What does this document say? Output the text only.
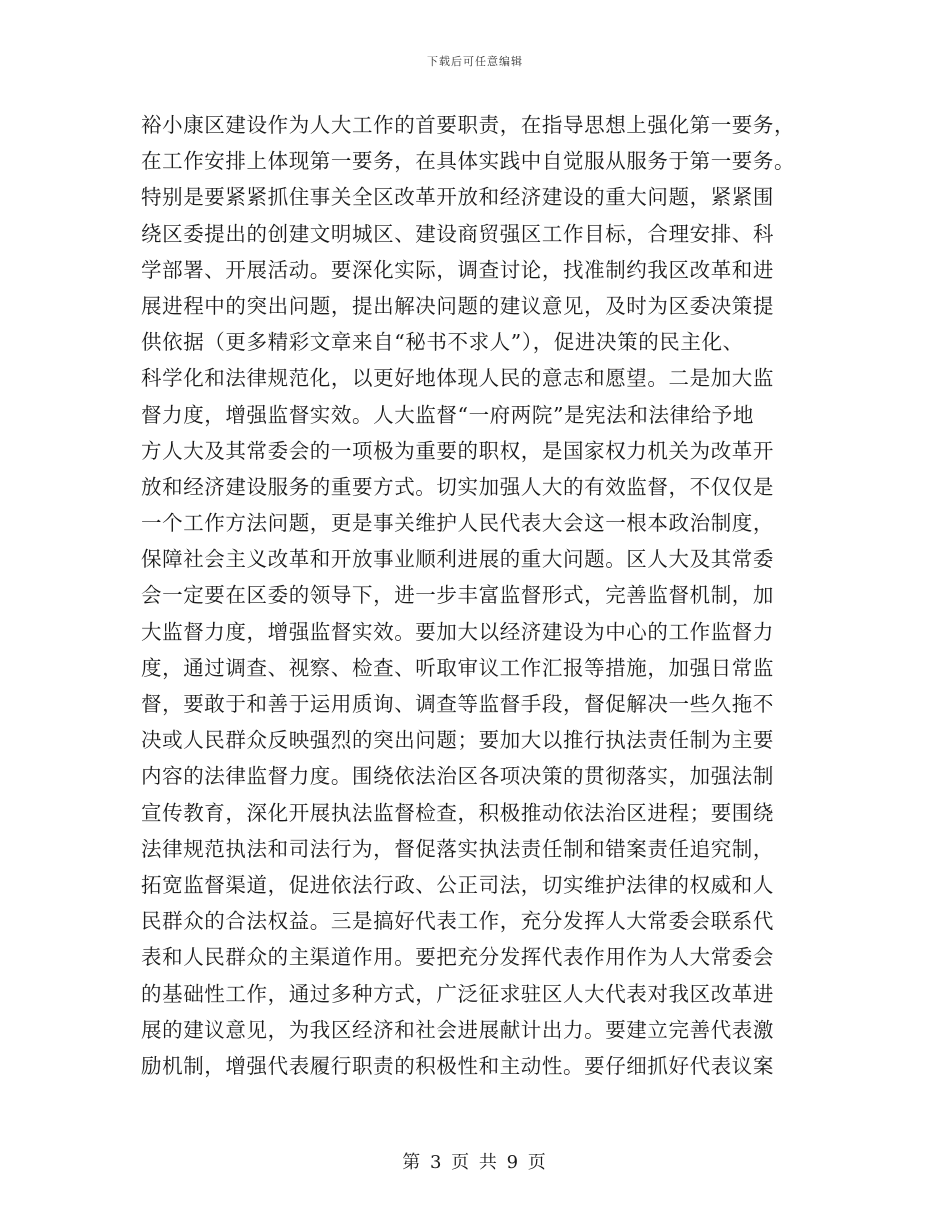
下载后可任意编辑
裕小康区建设作为人大工作的首要职责，在指导思想上强化第一要务，
在工作安排上体现第一要务，在具体实践中自觉服从服务于第一要务。
特别是要紧紧抓住事关全区改革开放和经济建设的重大问题，紧紧围
绕区委提出的创建文明城区、建设商贸强区工作目标，合理安排、科
学部署、开展活动。要深化实际，调查讨论，找准制约我区改革和进
展进程中的突出问题，提出解决问题的建议意见，及时为区委决策提
供依据（更多精彩文章来自“秘书不求人”），促进决策的民主化、
科学化和法律规范化，以更好地体现人民的意志和愿望。二是加大监
督力度，增强监督实效。人大监督“一府两院”是宪法和法律给予地
方人大及其常委会的一项极为重要的职权，是国家权力机关为改革开
放和经济建设服务的重要方式。切实加强人大的有效监督，不仅仅是
一个工作方法问题，更是事关维护人民代表大会这一根本政治制度，
保障社会主义改革和开放事业顺利进展的重大问题。区人大及其常委
会一定要在区委的领导下，进一步丰富监督形式，完善监督机制，加
大监督力度，增强监督实效。要加大以经济建设为中心的工作监督力
度，通过调查、视察、检查、听取审议工作汇报等措施，加强日常监
督，要敢于和善于运用质询、调查等监督手段，督促解决一些久拖不
决或人民群众反映强烈的突出问题；要加大以推行执法责任制为主要
内容的法律监督力度。围绕依法治区各项决策的贯彻落实，加强法制
宣传教育，深化开展执法监督检查，积极推动依法治区进程；要围绕
法律规范执法和司法行为，督促落实执法责任制和错案责任追究制，
拓宽监督渠道，促进依法行政、公正司法，切实维护法律的权威和人
民群众的合法权益。三是搞好代表工作，充分发挥人大常委会联系代
表和人民群众的主渠道作用。要把充分发挥代表作用作为人大常委会
的基础性工作，通过多种方式，广泛征求驻区人大代表对我区改革进
展的建议意见，为我区经济和社会进展献计出力。要建立完善代表激
励机制，增强代表履行职责的积极性和主动性。要仔细抓好代表议案
第 3 页 共 9 页
